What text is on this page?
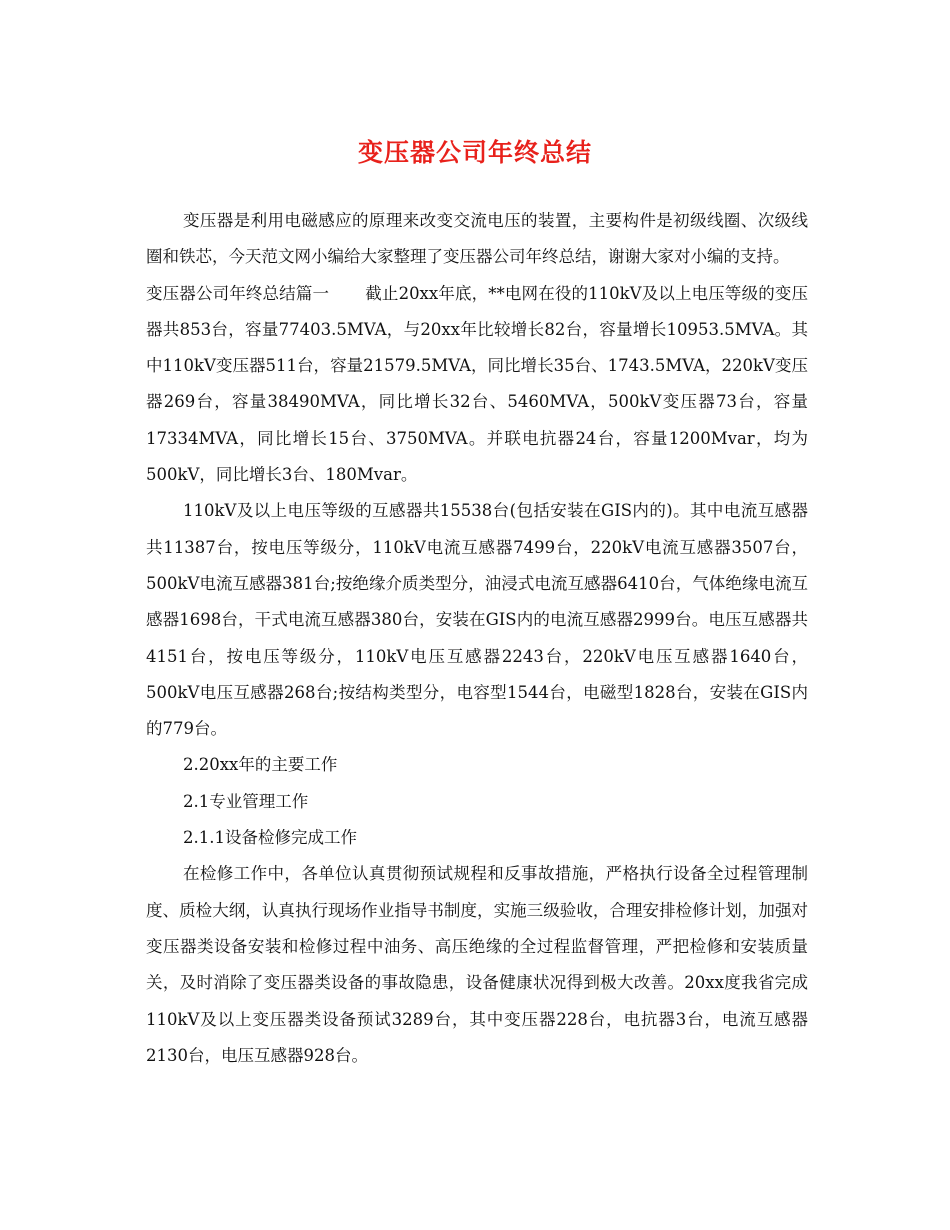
变压器公司年终总结

变压器是利用电磁感应的原理来改变交流电压的装置，主要构件是初级线圈、次级线圈和铁芯，今天范文网小编给大家整理了变压器公司年终总结，谢谢大家对小编的支持。

变压器公司年终总结篇一 截止20xx年底，**电网在役的110kV及以上电压等级的变压器共853台，容量77403.5MVA，与20xx年比较增长82台，容量增长10953.5MVA。其中110kV变压器511台，容量21579.5MVA，同比增长35台、1743.5MVA，220kV变压器269台，容量38490MVA，同比增长32台、5460MVA，500kV变压器73台，容量17334MVA，同比增长15台、3750MVA。并联电抗器24台，容量1200Mvar，均为500kV，同比增长3台、180Mvar。

110kV及以上电压等级的互感器共15538台(包括安装在GIS内的)。其中电流互感器共11387台，按电压等级分，110kV电流互感器7499台，220kV电流互感器3507台，500kV电流互感器381台;按绝缘介质类型分，油浸式电流互感器6410台，气体绝缘电流互感器1698台，干式电流互感器380台，安装在GIS内的电流互感器2999台。电压互感器共4151台，按电压等级分，110kV电压互感器2243台，220kV电压互感器1640台，500kV电压互感器268台;按结构类型分，电容型1544台，电磁型1828台，安装在GIS内的779台。

2.20xx年的主要工作

2.1专业管理工作

2.1.1设备检修完成工作

在检修工作中，各单位认真贯彻预试规程和反事故措施，严格执行设备全过程管理制度、质检大纲，认真执行现场作业指导书制度，实施三级验收，合理安排检修计划，加强对变压器类设备安装和检修过程中油务、高压绝缘的全过程监督管理，严把检修和安装质量关，及时消除了变压器类设备的事故隐患，设备健康状况得到极大改善。20xx度我省完成110kV及以上变压器类设备预试3289台，其中变压器228台，电抗器3台，电流互感器2130台，电压互感器928台。
